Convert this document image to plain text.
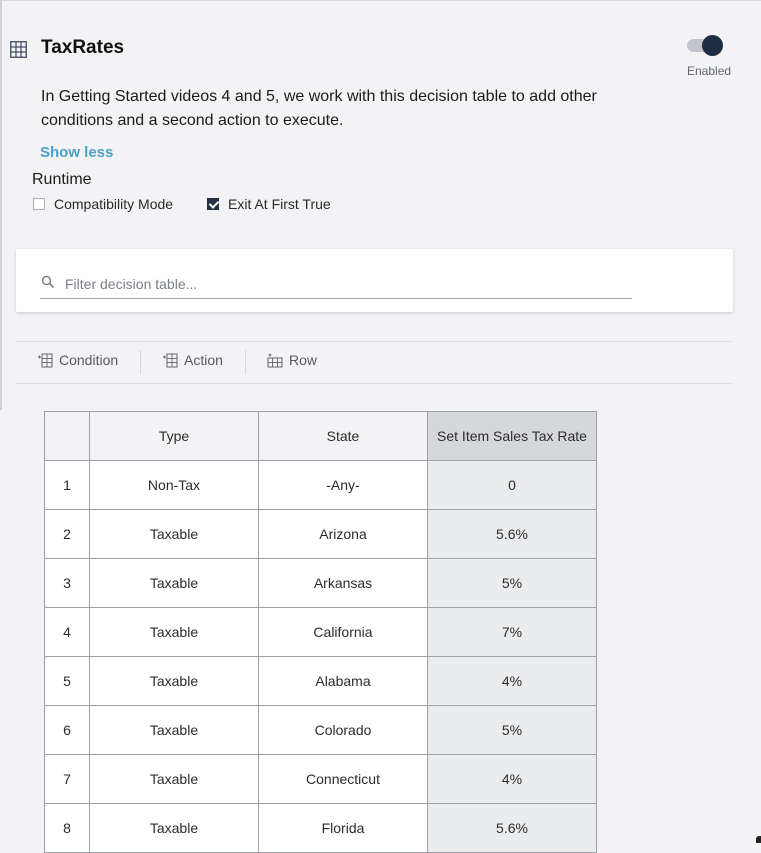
TaxRates
Enabled
In Getting Started videos 4 and 5, we work with this decision table to add other conditions and a second action to execute.
Show less
Runtime
Compatibility Mode	Exit At First True
Filter decision table...
Condition	Action	Row
	Type	State	Set Item Sales Tax Rate
1	Non-Tax	-Any-	0
2	Taxable	Arizona	5.6%
3	Taxable	Arkansas	5%
4	Taxable	California	7%
5	Taxable	Alabama	4%
6	Taxable	Colorado	5%
7	Taxable	Connecticut	4%
8	Taxable	Florida	5.6%
